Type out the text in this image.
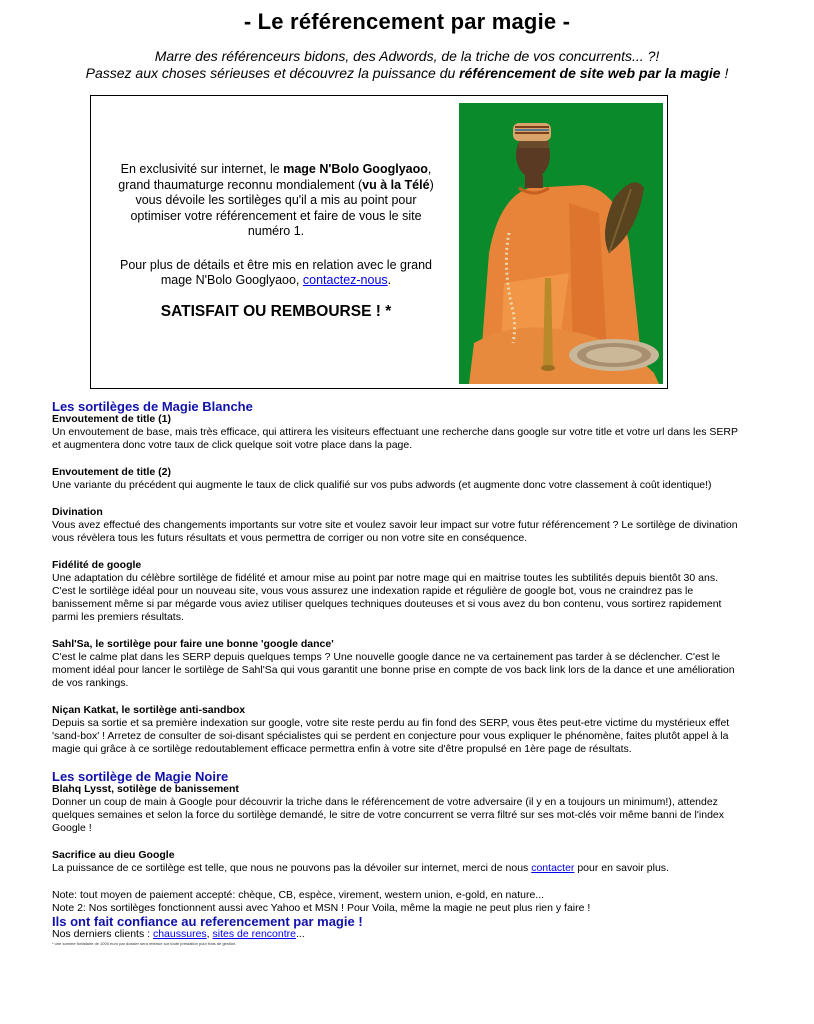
- Le référencement par magie -
Marre des référenceurs bidons, des Adwords, de la triche de vos concurrents... ?!
Passez aux choses sérieuses et découvrez la puissance du référencement de site web par la magie !

En exclusivité sur internet, le mage N'Bolo Googlyaoo, grand thaumaturge reconnu mondialement (vu à la Télé) vous dévoile les sortilèges qu'il a mis au point pour optimiser votre référencement et faire de vous le site numéro 1.

Pour plus de détails et être mis en relation avec le grand mage N'Bolo Googlyaoo, contactez-nous.

SATISFAIT OU REMBOURSE ! *

Les sortilèges de Magie Blanche
Envoutement de title (1)

Un envoutement de base, mais très efficace, qui attirera les visiteurs effectuant une recherche dans google sur votre title et votre url dans les SERP et augmentera donc votre taux de click quelque soit votre place dans la page.

Envoutement de title (2)

Une variante du précédent qui augmente le taux de click qualifié sur vos pubs adwords (et augmente donc votre classement à coût identique!)

Divination

Vous avez effectué des changements importants sur votre site et voulez savoir leur impact sur votre futur référencement ? Le sortilège de divination vous révèlera tous les futurs résultats et vous permettra de corriger ou non votre site en conséquence.

Fidélité de google

Une adaptation du célèbre sortilège de fidélité et amour mise au point par notre mage qui en maitrise toutes les subtilités depuis bientôt 30 ans. C'est le sortilège idéal pour un nouveau site, vous vous assurez une indexation rapide et régulière de google bot, vous ne craindrez pas le banissement même si par mégarde vous aviez utiliser quelques techniques douteuses et si vous avez du bon contenu, vous sortirez rapidement parmi les premiers résultats.

Sahl'Sa, le sortilège pour faire une bonne 'google dance'

C'est le calme plat dans les SERP depuis quelques temps ? Une nouvelle google dance ne va certainement pas tarder à se déclencher. C'est le moment idéal pour lancer le sortilège de Sahl'Sa qui vous garantit une bonne prise en compte de vos back link lors de la dance et une amélioration de vos rankings.

Niçan Katkat, le sortilège anti-sandbox

Depuis sa sortie et sa première indexation sur google, votre site reste perdu au fin fond des SERP, vous êtes peut-etre victime du mystérieux effet 'sand-box' ! Arretez de consulter de soi-disant spécialistes qui se perdent en conjecture pour vous expliquer le phénomène, faites plutôt appel à la magie qui grâce à ce sortilège redoutablement efficace permettra enfin à votre site d'être propulsé en 1ère page de résultats.

Les sortilège de Magie Noire
Blahq Lysst, sotilège de banissement

Donner un coup de main à Google pour découvrir la triche dans le référencement de votre adversaire (il y en a toujours un minimum!), attendez quelques semaines et selon la force du sortilège demandé, le sitre de votre concurrent se verra filtré sur ses mot-clés voir même banni de l'index Google !

Sacrifice au dieu Google

La puissance de ce sortilège est telle, que nous ne pouvons pas la dévoiler sur internet, merci de nous contacter pour en savoir plus.

Note: tout moyen de paiement accepté: chèque, CB, espèce, virement, western union, e-gold, en nature...

Note 2: Nos sortilèges fonctionnent aussi avec Yahoo et MSN ! Pour Voila, même la magie ne peut plus rien y faire !

Ils ont fait confiance au referencement par magie !

Nos derniers clients : chaussures, sites de rencontre...

* une somme forfaitaire de 1000 euro par dossier sera retenue sur toute prestation pour frais de gestion.
